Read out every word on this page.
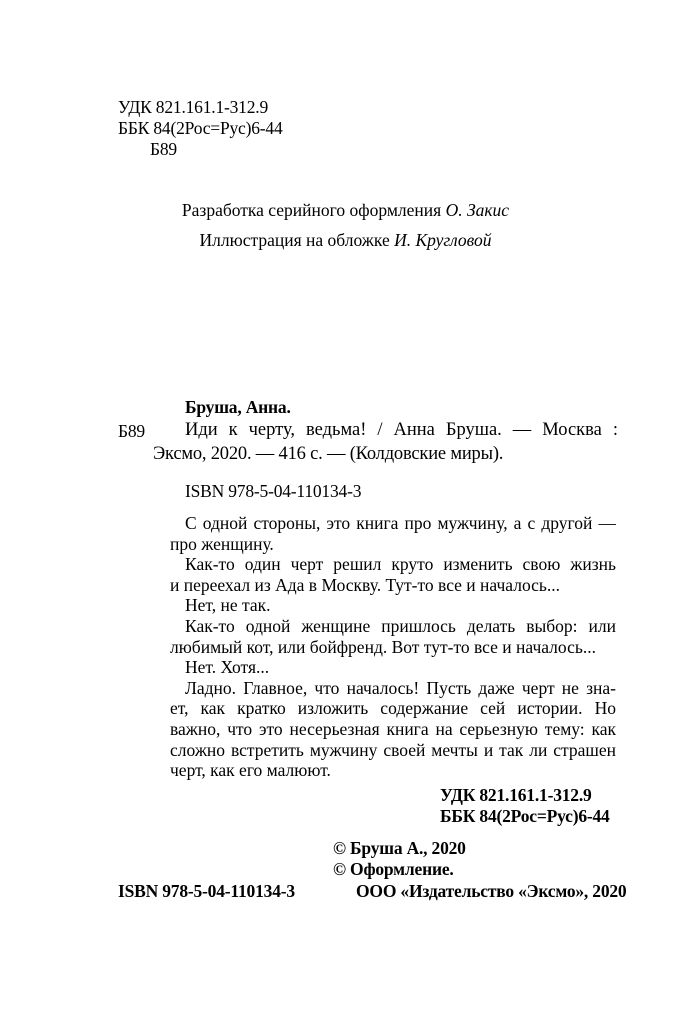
УДК 821.161.1-312.9
ББК 84(2Рос=Рус)6-44
Б89
Разработка серийного оформления О. Закис
Иллюстрация на обложке И. Кругловой
Бруша, Анна.
Б89 Иди к черту, ведьма! / Анна Бруша. — Москва :
Эксмо, 2020. — 416 с. — (Колдовские миры).
ISBN 978-5-04-110134-3
С одной стороны, это книга про мужчину, а с другой —
про женщину.
Как-то один черт решил круто изменить свою жизнь
и переехал из Ада в Москву. Тут-то все и началось...
Нет, не так.
Как-то одной женщине пришлось делать выбор: или
любимый кот, или бойфренд. Вот тут-то все и началось...
Нет. Хотя...
Ладно. Главное, что началось! Пусть даже черт не зна-
ет, как кратко изложить содержание сей истории. Но
важно, что это несерьезная книга на серьезную тему: как
сложно встретить мужчину своей мечты и так ли страшен
черт, как его малюют.
УДК 821.161.1-312.9
ББК 84(2Рос=Рус)6-44
© Бруша А., 2020
© Оформление.
ISBN 978-5-04-110134-3	ООО «Издательство «Эксмо», 2020
